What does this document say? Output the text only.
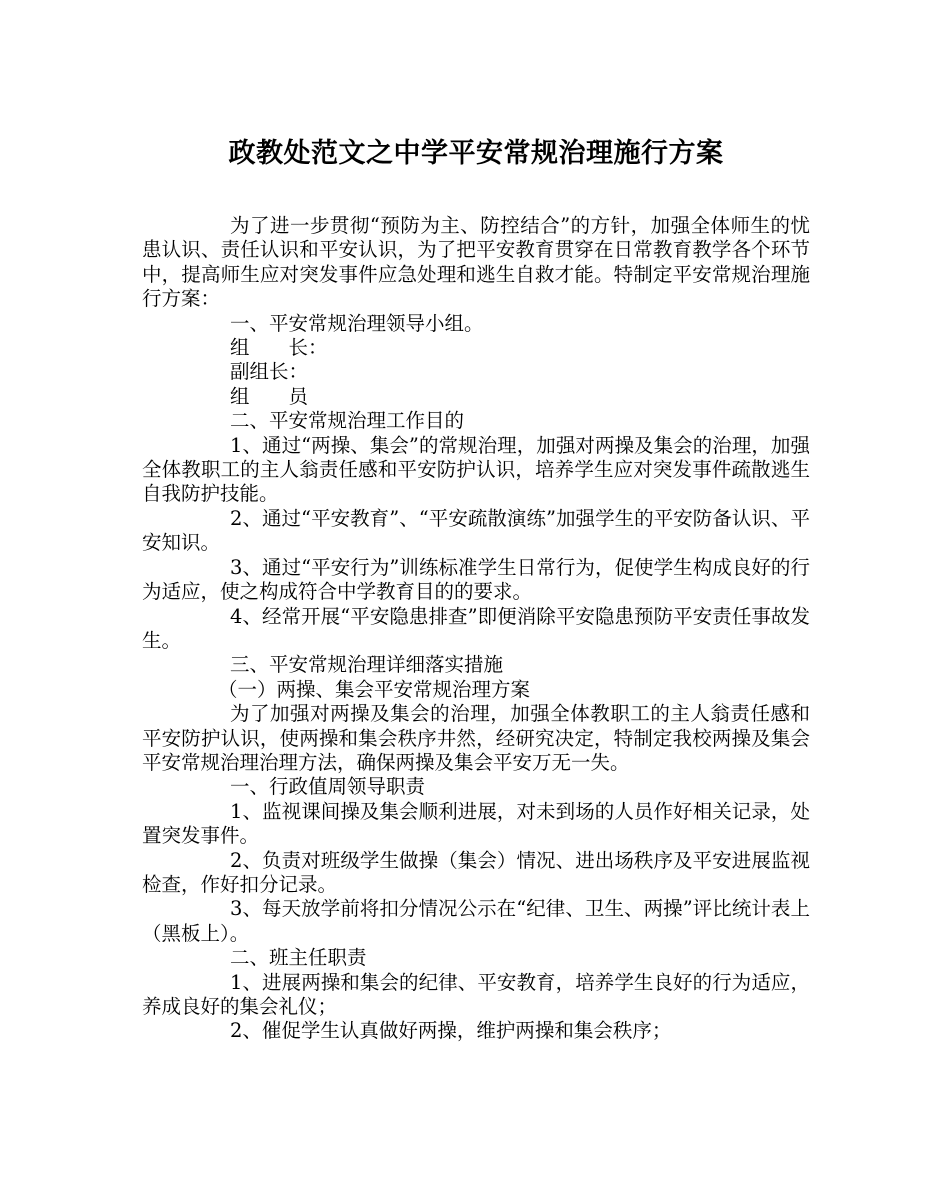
政教处范文之中学平安常规治理施行方案

为了进一步贯彻“预防为主、防控结合”的方针，加强全体师生的忧患认识、责任认识和平安认识，为了把平安教育贯穿在日常教育教学各个环节中，提高师生应对突发事件应急处理和逃生自救才能。特制定平安常规治理施行方案：

一、平安常规治理领导小组。

组　　长：

副组长：

组　　员

二、平安常规治理工作目的

1、通过“两操、集会”的常规治理，加强对两操及集会的治理，加强全体教职工的主人翁责任感和平安防护认识，培养学生应对突发事件疏散逃生自我防护技能。

2、通过“平安教育”、“平安疏散演练”加强学生的平安防备认识、平安知识。

3、通过“平安行为”训练标准学生日常行为，促使学生构成良好的行为适应，使之构成符合中学教育目的的要求。

4、经常开展“平安隐患排查”即便消除平安隐患预防平安责任事故发生。

三、平安常规治理详细落实措施

（一）两操、集会平安常规治理方案

为了加强对两操及集会的治理，加强全体教职工的主人翁责任感和平安防护认识，使两操和集会秩序井然，经研究决定，特制定我校两操及集会平安常规治理治理方法，确保两操及集会平安万无一失。

一、行政值周领导职责

1、监视课间操及集会顺利进展，对未到场的人员作好相关记录，处置突发事件。

2、负责对班级学生做操（集会）情况、进出场秩序及平安进展监视检查，作好扣分记录。

3、每天放学前将扣分情况公示在“纪律、卫生、两操”评比统计表上（黑板上）。

二、班主任职责

1、进展两操和集会的纪律、平安教育，培养学生良好的行为适应，养成良好的集会礼仪；

2、催促学生认真做好两操，维护两操和集会秩序；
